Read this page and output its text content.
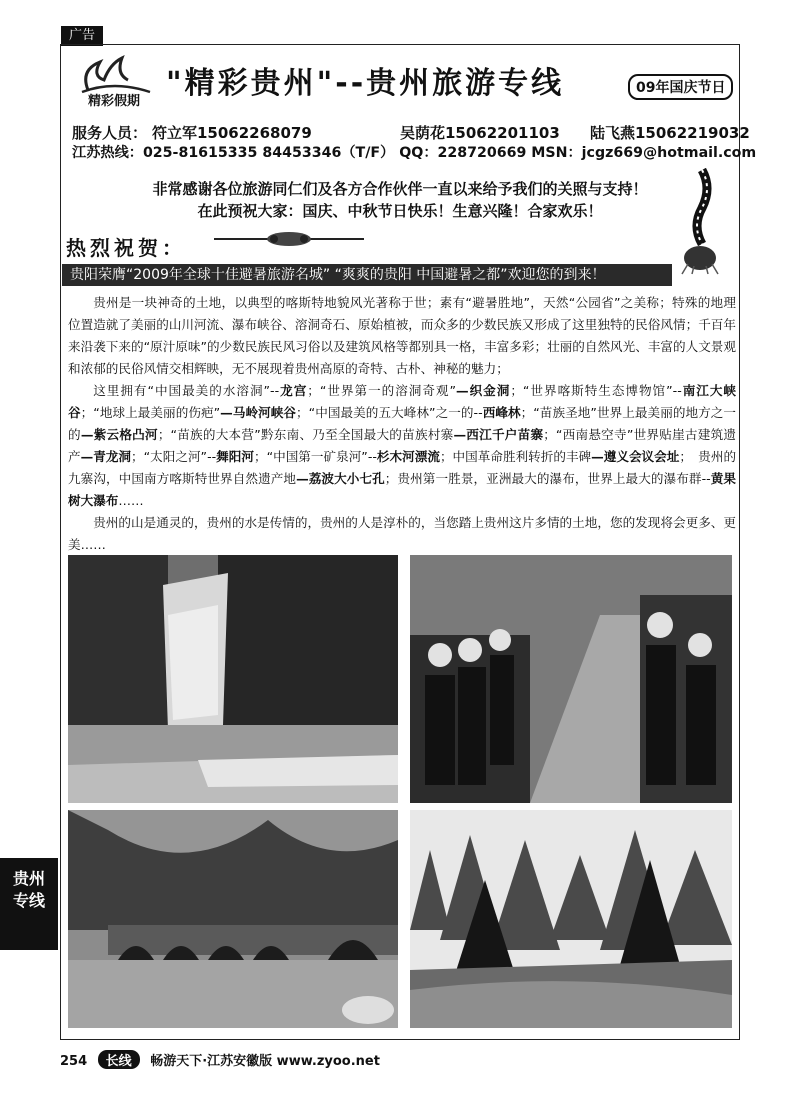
广告
精彩假期
"精彩贵州"--贵州旅游专线	09年国庆节日
服务人员： 符立军15062268079	吴荫花15062201103 陆飞燕15062219032
江苏热线：025-81615335 84453346（T/F） QQ：228720669 MSN：jcgz669@hotmail.com
非常感谢各位旅游同仁们及各方合作伙伴一直以来给予我们的关照与支持！
在此预祝大家：国庆、中秋节日快乐！生意兴隆！合家欢乐！
热烈祝贺：
贵阳荣膺“2009年全球十佳避暑旅游名城” “爽爽的贵阳 中国避暑之都”欢迎您的到来！

贵州是一块神奇的土地，以典型的喀斯特地貌风光著称于世；素有“避暑胜地”，天然“公园省”之美称；特殊的地理位置造就了美丽的山川河流、瀑布峡谷、溶洞奇石、原始植被，而众多的少数民族又形成了这里独特的民俗风情；千百年来沿袭下来的“原汁原味”的少数民族民风习俗以及建筑风格等都别具一格，丰富多彩；壮丽的自然风光、丰富的人文景观和浓郁的民俗风情交相辉映，无不展现着贵州高原的奇特、古朴、神秘的魅力；

这里拥有“中国最美的水溶洞”--龙宫；“世界第一的溶洞奇观”—织金洞；“世界喀斯特生态博物馆”--南江大峡谷；“地球上最美丽的伤疤”—马岭河峡谷；“中国最美的五大峰林”之一的--西峰林；“苗族圣地”世界上最美丽的地方之一的—紫云格凸河；“苗族的大本营”黔东南、乃至全国最大的苗族村寨—西江千户苗寨；“西南悬空寺”世界贴崖古建筑遗产—青龙洞；“太阳之河”--舞阳河；“中国第一矿泉河”--杉木河漂流；中国革命胜利转折的丰碑—遵义会议会址；　贵州的九寨沟，中国南方喀斯特世界自然遗产地—荔波大小七孔；贵州第一胜景，亚洲最大的瀑布，世界上最大的瀑布群--黄果树大瀑布……

贵州的山是通灵的，贵州的水是传情的，贵州的人是淳朴的，当您踏上贵州这片多情的土地，您的发现将会更多、更美……

贵州
专线
254 长线 畅游天下·江苏安徽版 www.zyoo.net
